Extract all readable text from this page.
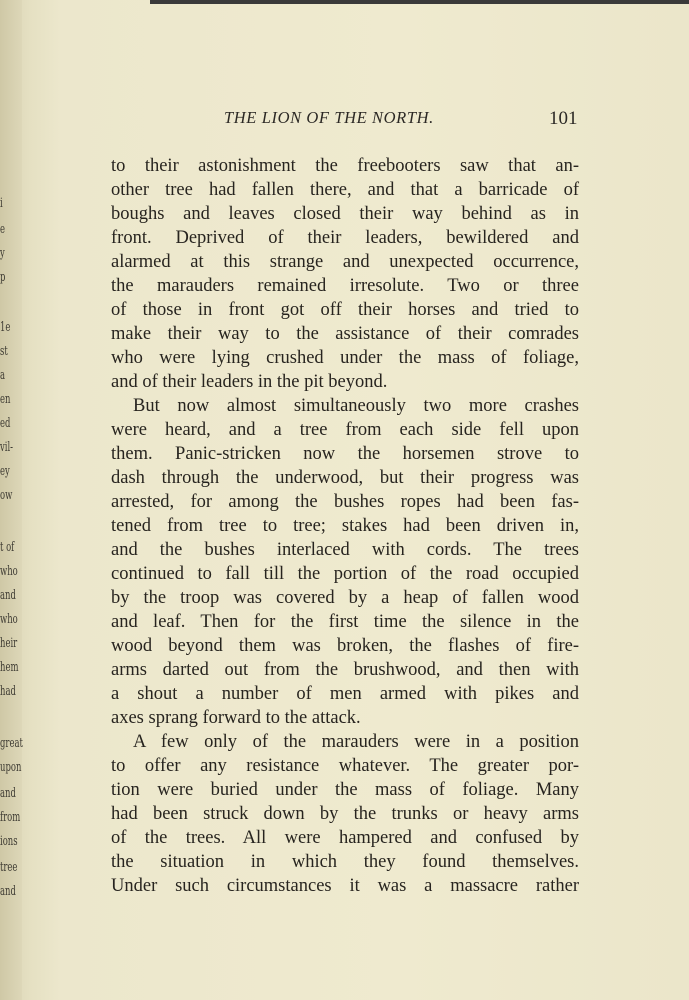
i
e
y
p
1e
st
a
en
ed
vil-
ey
ow
t of
who
and
who
heir
hem
had
great
upon
and
from
ions
tree
and
THE LION OF THE NORTH.	101
to their astonishment the freebooters saw that an-
other tree had fallen there, and that a barricade of
boughs and leaves closed their way behind as in
front. Deprived of their leaders, bewildered and
alarmed at this strange and unexpected occurrence,
the marauders remained irresolute. Two or three
of those in front got off their horses and tried to
make their way to the assistance of their comrades
who were lying crushed under the mass of foliage,
and of their leaders in the pit beyond.
But now almost simultaneously two more crashes
were heard, and a tree from each side fell upon
them. Panic-stricken now the horsemen strove to
dash through the underwood, but their progress was
arrested, for among the bushes ropes had been fas-
tened from tree to tree; stakes had been driven in,
and the bushes interlaced with cords. The trees
continued to fall till the portion of the road occupied
by the troop was covered by a heap of fallen wood
and leaf. Then for the first time the silence in the
wood beyond them was broken, the flashes of fire-
arms darted out from the brushwood, and then with
a shout a number of men armed with pikes and
axes sprang forward to the attack.
A few only of the marauders were in a position
to offer any resistance whatever. The greater por-
tion were buried under the mass of foliage. Many
had been struck down by the trunks or heavy arms
of the trees. All were hampered and confused by
the situation in which they found themselves.
Under such circumstances it was a massacre rather
